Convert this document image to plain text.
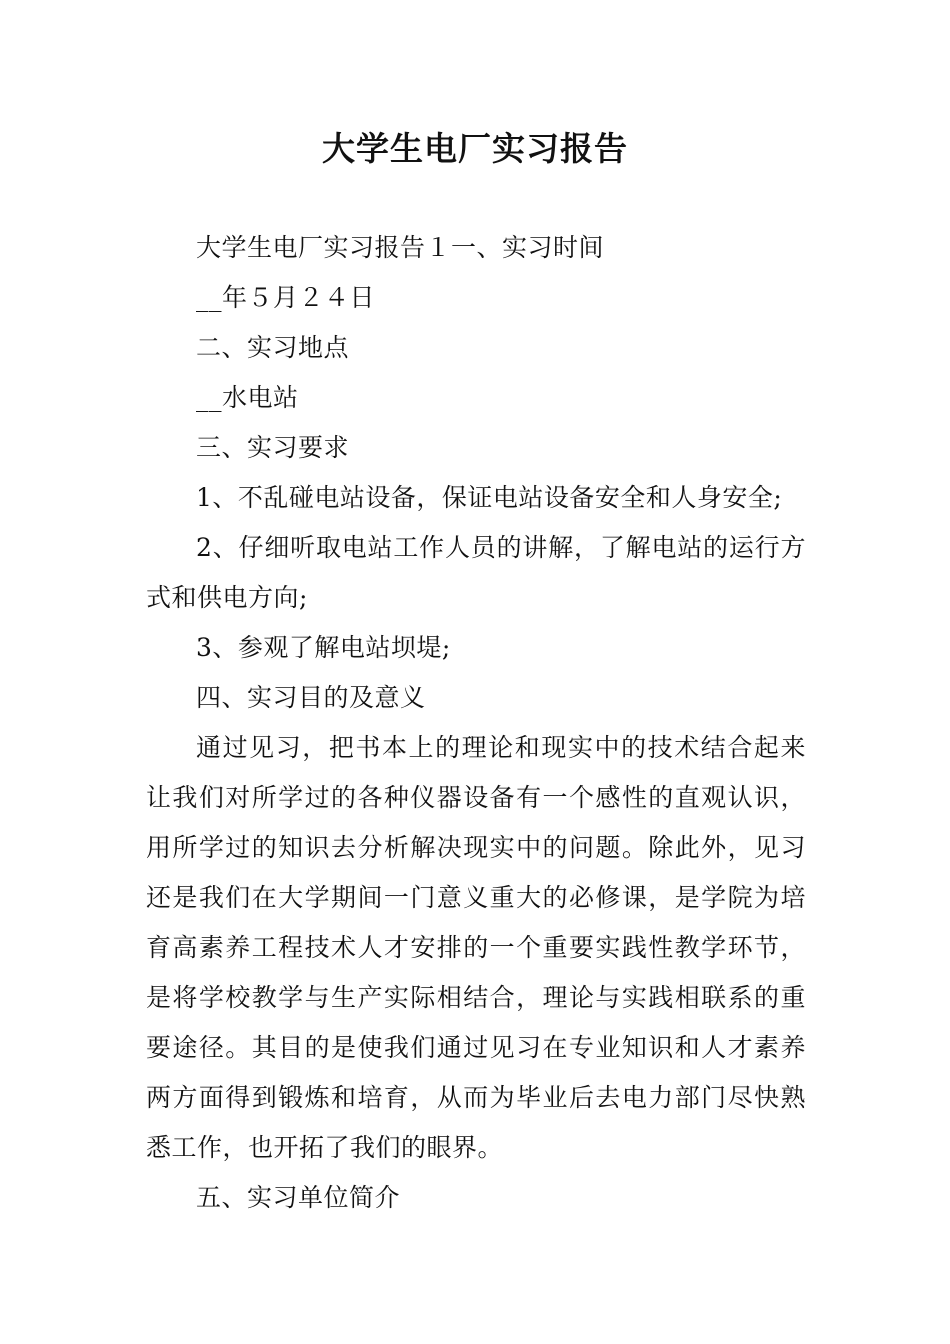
大学生电厂实习报告

大学生电厂实习报告１一、实习时间

__年５月２４日

二、实习地点

__水电站

三、实习要求

1、不乱碰电站设备，保证电站设备安全和人身安全;

2、仔细听取电站工作人员的讲解，了解电站的运行方式和供电方向;

3、参观了解电站坝堤;

四、实习目的及意义

通过见习，把书本上的理论和现实中的技术结合起来让我们对所学过的各种仪器设备有一个感性的直观认识，用所学过的知识去分析解决现实中的问题。除此外，见习还是我们在大学期间一门意义重大的必修课，是学院为培育高素养工程技术人才安排的一个重要实践性教学环节，是将学校教学与生产实际相结合，理论与实践相联系的重要途径。其目的是使我们通过见习在专业知识和人才素养两方面得到锻炼和培育，从而为毕业后去电力部门尽快熟悉工作，也开拓了我们的眼界。

五、实习单位简介
